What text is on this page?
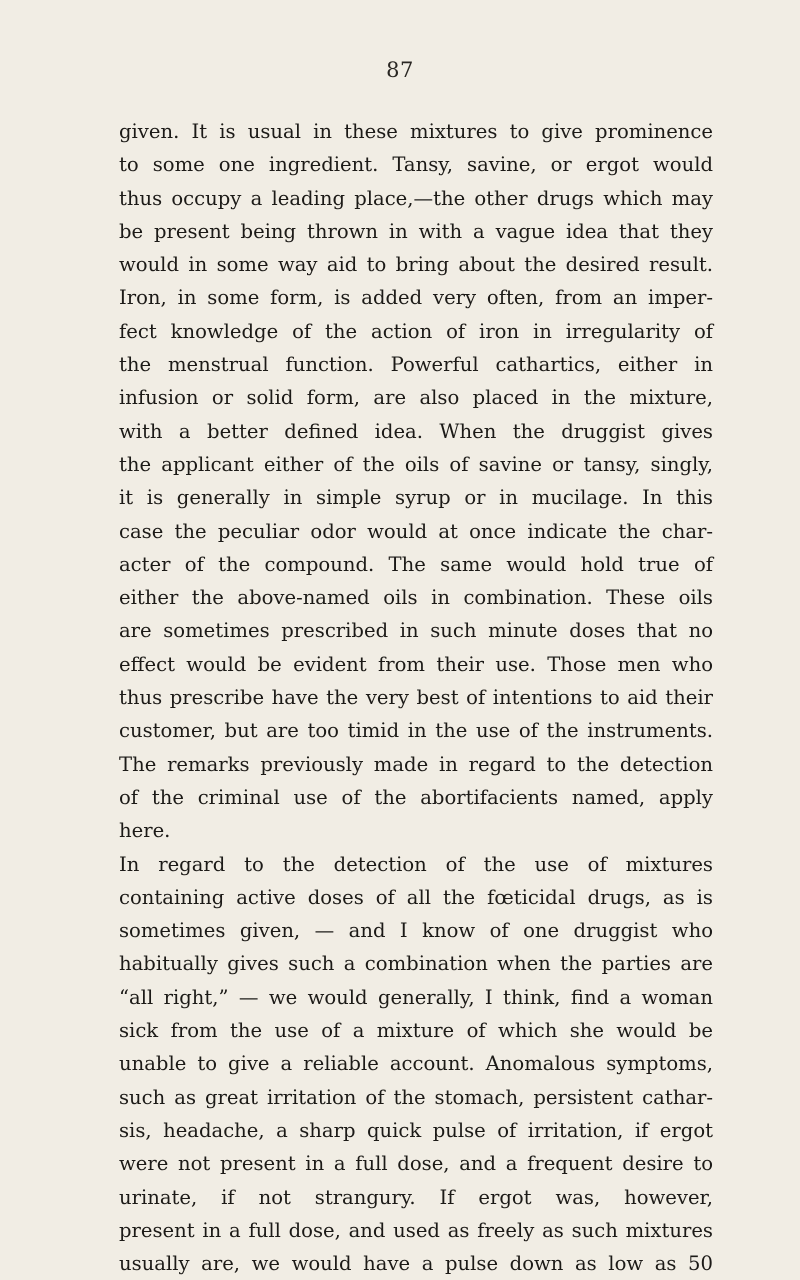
87
given. It is usual in these mixtures to give prominence
to some one ingredient. Tansy, savine, or ergot would
thus occupy a leading place,—the other drugs which may
be present being thrown in with a vague idea that they
would in some way aid to bring about the desired result.
Iron, in some form, is added very often, from an imper-
fect knowledge of the action of iron in irregularity of
the menstrual function. Powerful cathartics, either in
infusion or solid form, are also placed in the mixture,
with a better defined idea. When the druggist gives
the applicant either of the oils of savine or tansy, singly,
it is generally in simple syrup or in mucilage. In this
case the peculiar odor would at once indicate the char-
acter of the compound. The same would hold true of
either the above-named oils in combination. These oils
are sometimes prescribed in such minute doses that no
effect would be evident from their use. Those men who
thus prescribe have the very best of intentions to aid their
customer, but are too timid in the use of the instruments.
The remarks previously made in regard to the detection
of the criminal use of the abortifacients named, apply
here.
In regard to the detection of the use of mixtures
containing active doses of all the fœticidal drugs, as is
sometimes given, — and I know of one druggist who
habitually gives such a combination when the parties are
“all right,” — we would generally, I think, find a woman
sick from the use of a mixture of which she would be
unable to give a reliable account. Anomalous symptoms,
such as great irritation of the stomach, persistent cathar-
sis, headache, a sharp quick pulse of irritation, if ergot
were not present in a full dose, and a frequent desire to
urinate, if not strangury. If ergot was, however,
present in a full dose, and used as freely as such mixtures
usually are, we would have a pulse down as low as 50
